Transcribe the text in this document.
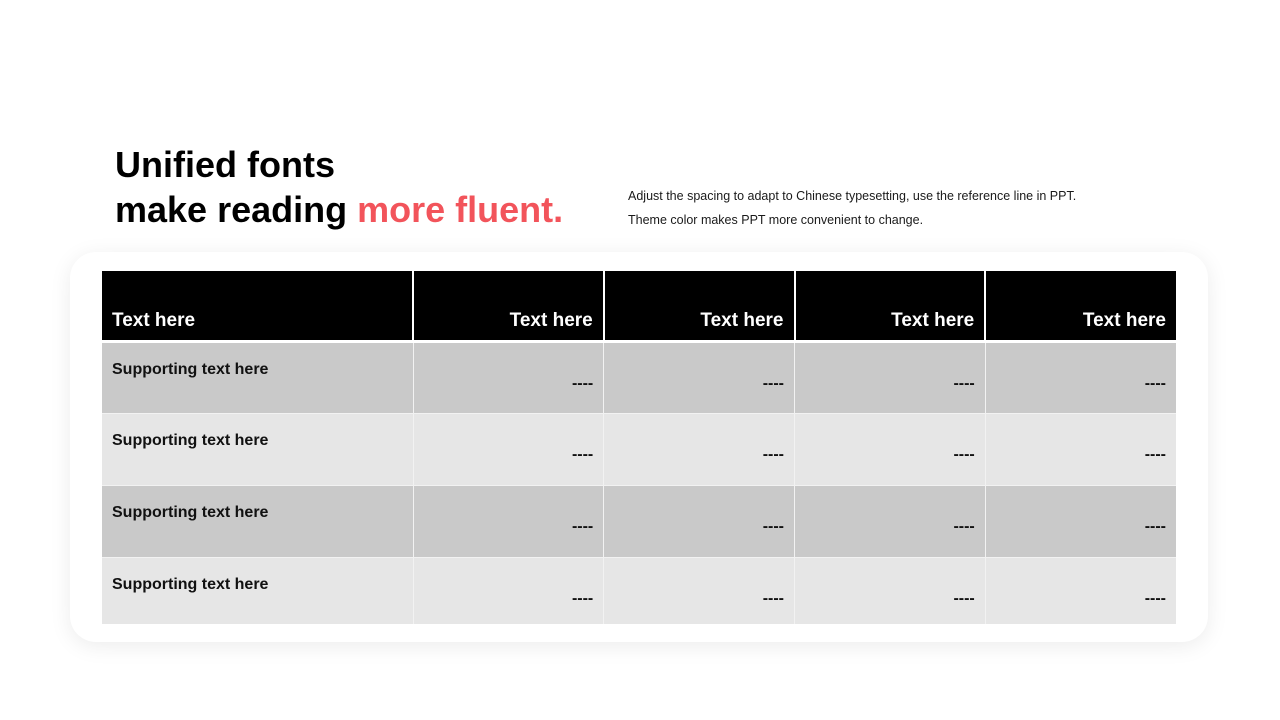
Unified fonts
make reading more fluent.	Adjust the spacing to adapt to Chinese typesetting, use the reference line in PPT.

Theme color makes PPT more convenient to change.

Text here	Text here	Text here	Text here	Text here
Supporting text here	----	----	----	----
Supporting text here	----	----	----	----
Supporting text here	----	----	----	----
Supporting text here	----	----	----	----
